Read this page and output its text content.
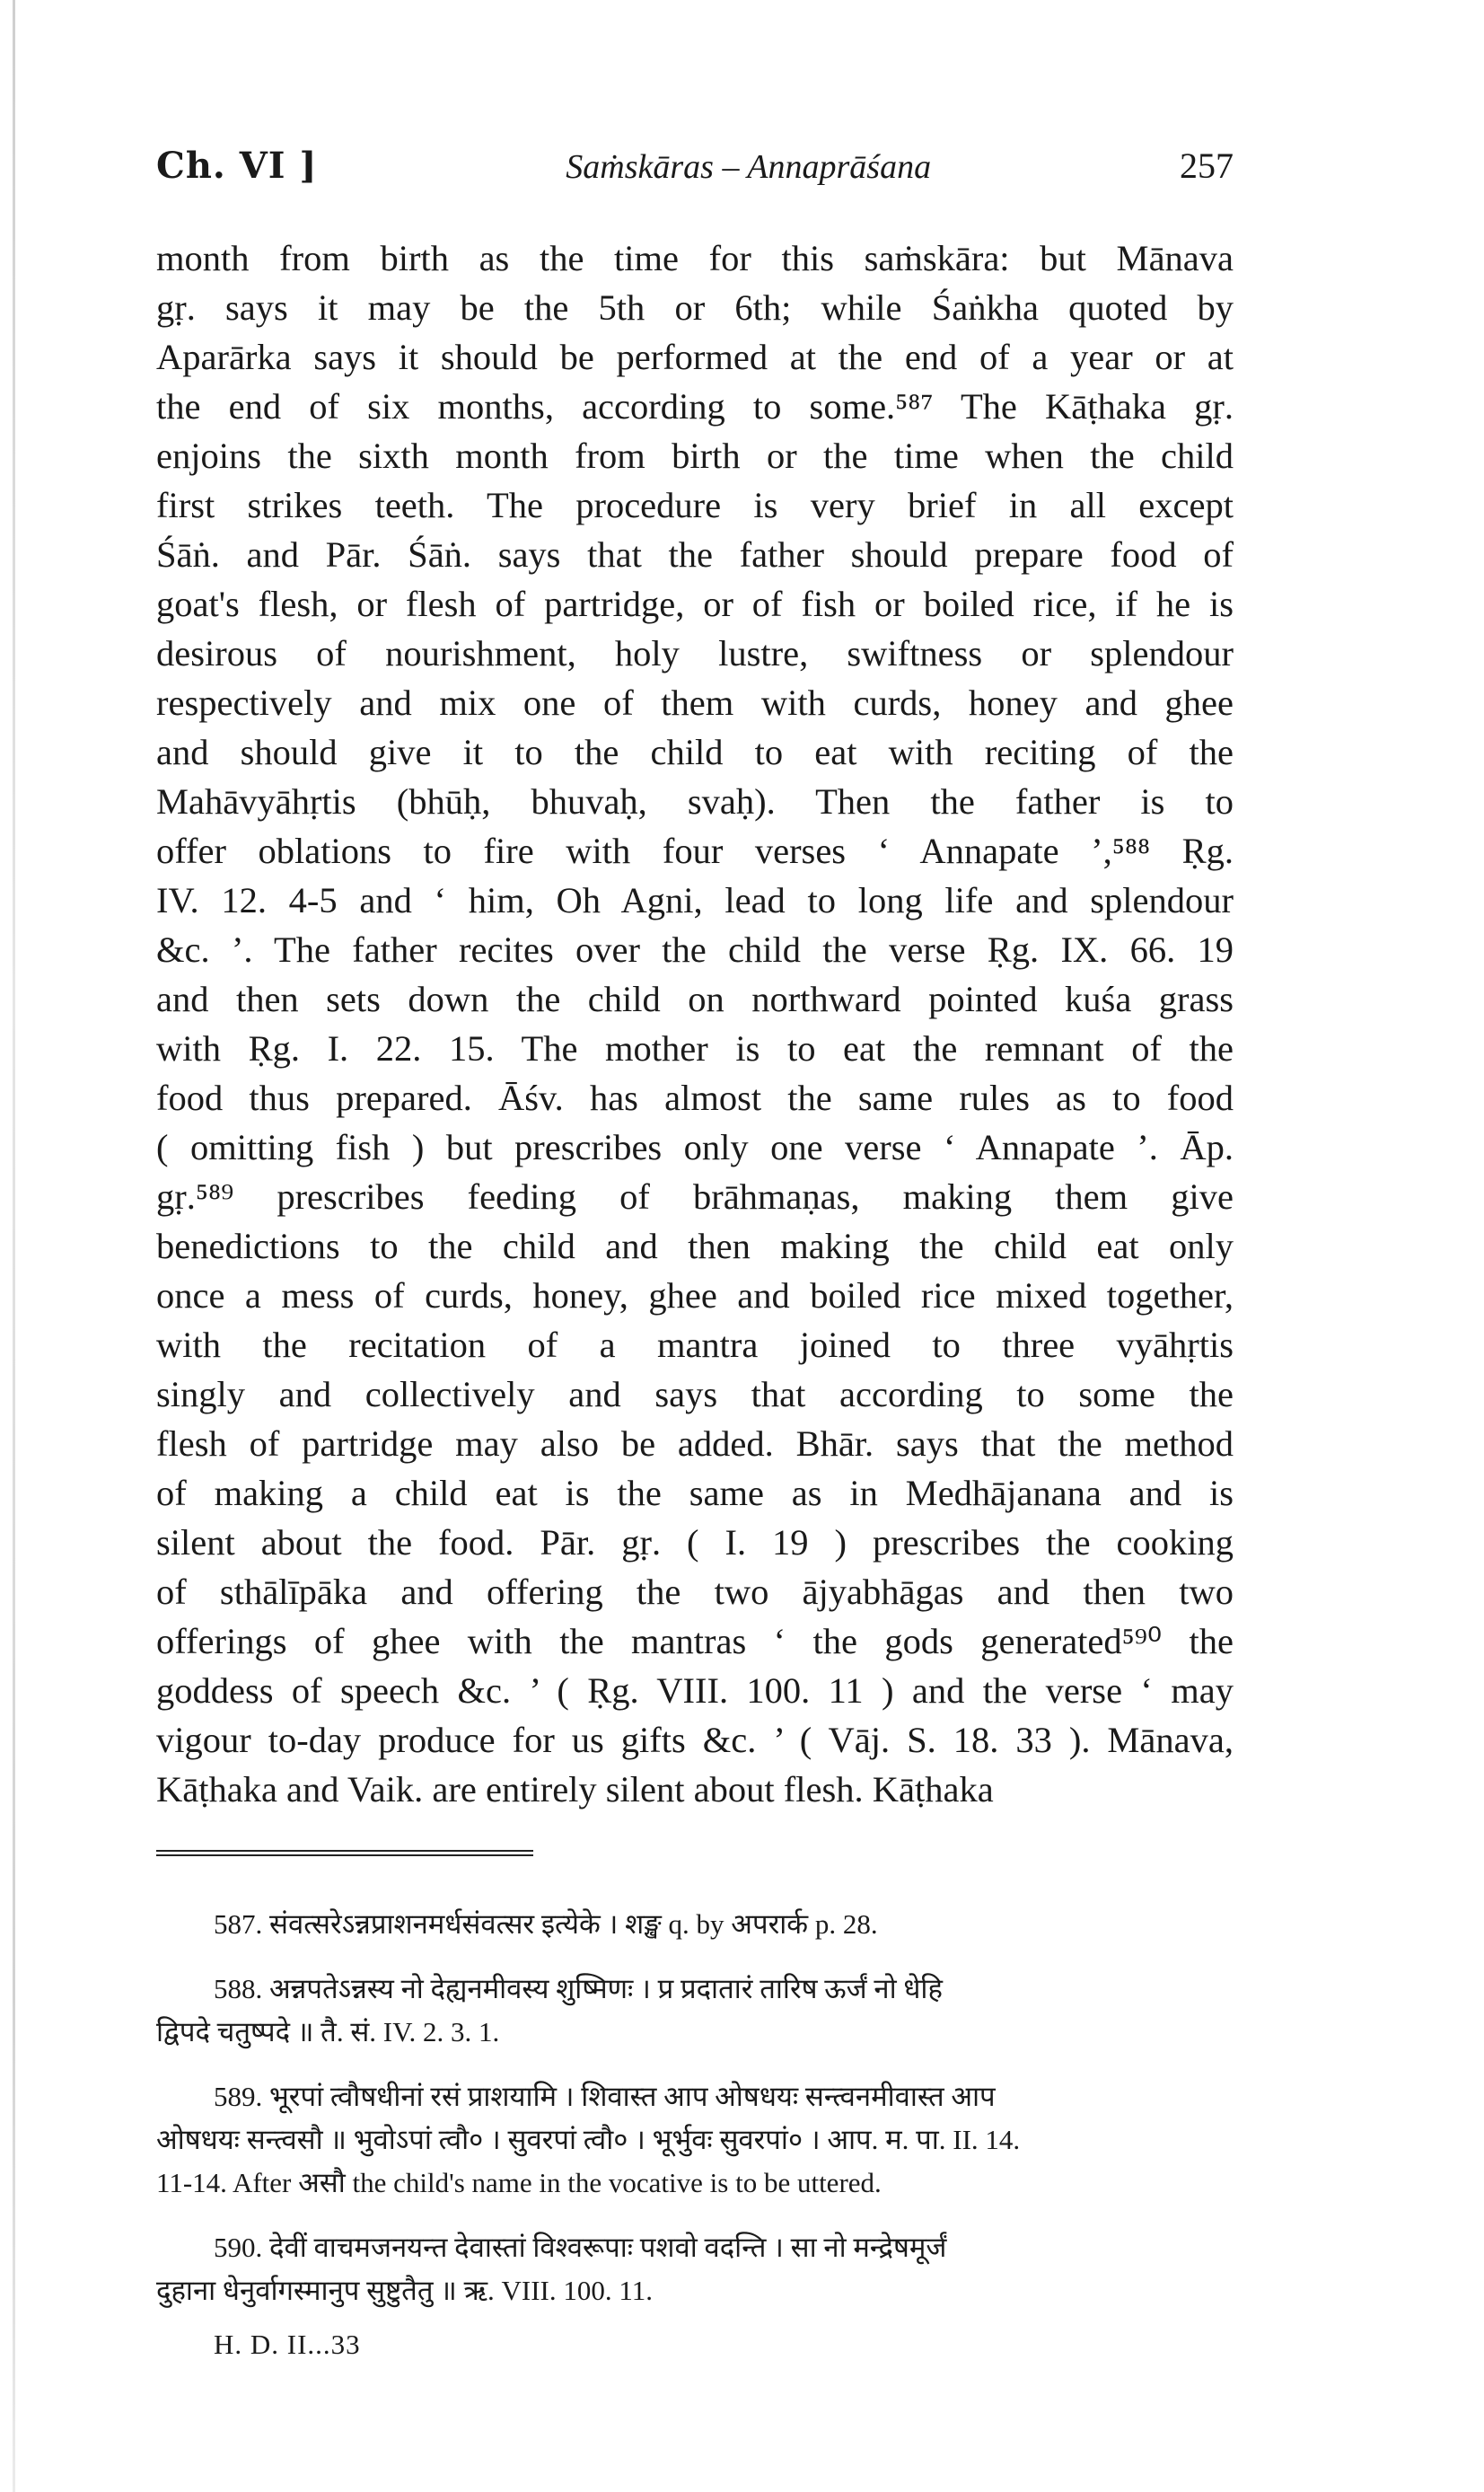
Ch. VI ]	Saṁskāras – Annaprāśana	257
month from birth as the time for this saṁskāra: but Mānava
gṛ. says it may be the 5th or 6th; while Śaṅkha quoted by
Aparārka says it should be performed at the end of a year or at
the end of six months, according to some.⁵⁸⁷ The Kāṭhaka gṛ.
enjoins the sixth month from birth or the time when the child
first strikes teeth. The procedure is very brief in all except
Śāṅ. and Pār. Śāṅ. says that the father should prepare food of
goat's flesh, or flesh of partridge, or of fish or boiled rice, if he is
desirous of nourishment, holy lustre, swiftness or splendour
respectively and mix one of them with curds, honey and ghee
and should give it to the child to eat with reciting of the
Mahāvyāhṛtis (bhūḥ, bhuvaḥ, svaḥ). Then the father is to
offer oblations to fire with four verses ‘ Annapate ’,⁵⁸⁸ Ṛg.
IV. 12. 4-5 and ‘ him, Oh Agni, lead to long life and splendour
&c. ’. The father recites over the child the verse Ṛg. IX. 66. 19
and then sets down the child on northward pointed kuśa grass
with Ṛg. I. 22. 15. The mother is to eat the remnant of the
food thus prepared. Āśv. has almost the same rules as to food
( omitting fish ) but prescribes only one verse ‘ Annapate ’. Āp.
gṛ.⁵⁸⁹ prescribes feeding of brāhmaṇas, making them give
benedictions to the child and then making the child eat only
once a mess of curds, honey, ghee and boiled rice mixed together,
with the recitation of a mantra joined to three vyāhṛtis
singly and collectively and says that according to some the
flesh of partridge may also be added. Bhār. says that the method
of making a child eat is the same as in Medhājanana and is
silent about the food. Pār. gṛ. ( I. 19 ) prescribes the cooking
of sthālīpāka and offering the two ājyabhāgas and then two
offerings of ghee with the mantras ‘ the gods generated⁵⁹⁰ the
goddess of speech &c. ’ ( Ṛg. VIII. 100. 11 ) and the verse ‘ may
vigour to-day produce for us gifts &c. ’ ( Vāj. S. 18. 33 ). Mānava,
Kāṭhaka and Vaik. are entirely silent about flesh. Kāṭhaka
587. संवत्सरेऽन्नप्राशनमर्धसंवत्सर इत्येके । शङ्ख q. by अपरार्क p. 28.
588. अन्नपतेऽन्नस्य नो देह्यनमीवस्य शुष्मिणः । प्र प्रदातारं तारिष ऊर्जं नो धेहि
द्विपदे चतुष्पदे ॥ तै. सं. IV. 2. 3. 1.
589. भूरपां त्वौषधीनां रसं प्राशयामि । शिवास्त आप ओषधयः सन्त्वनमीवास्त आप
ओषधयः सन्त्वसौ ॥ भुवोऽपां त्वौ० । सुवरपां त्वौ० । भूर्भुवः सुवरपां० । आप. म. पा. II. 14.
11-14. After असौ the child's name in the vocative is to be uttered.
590. देवीं वाचमजनयन्त देवास्तां विश्वरूपाः पशवो वदन्ति । सा नो मन्द्रेषमूर्जं
दुहाना धेनुर्वागस्मानुप सुष्टुतैतु ॥ ऋ. VIII. 100. 11.
H. D. II...33
